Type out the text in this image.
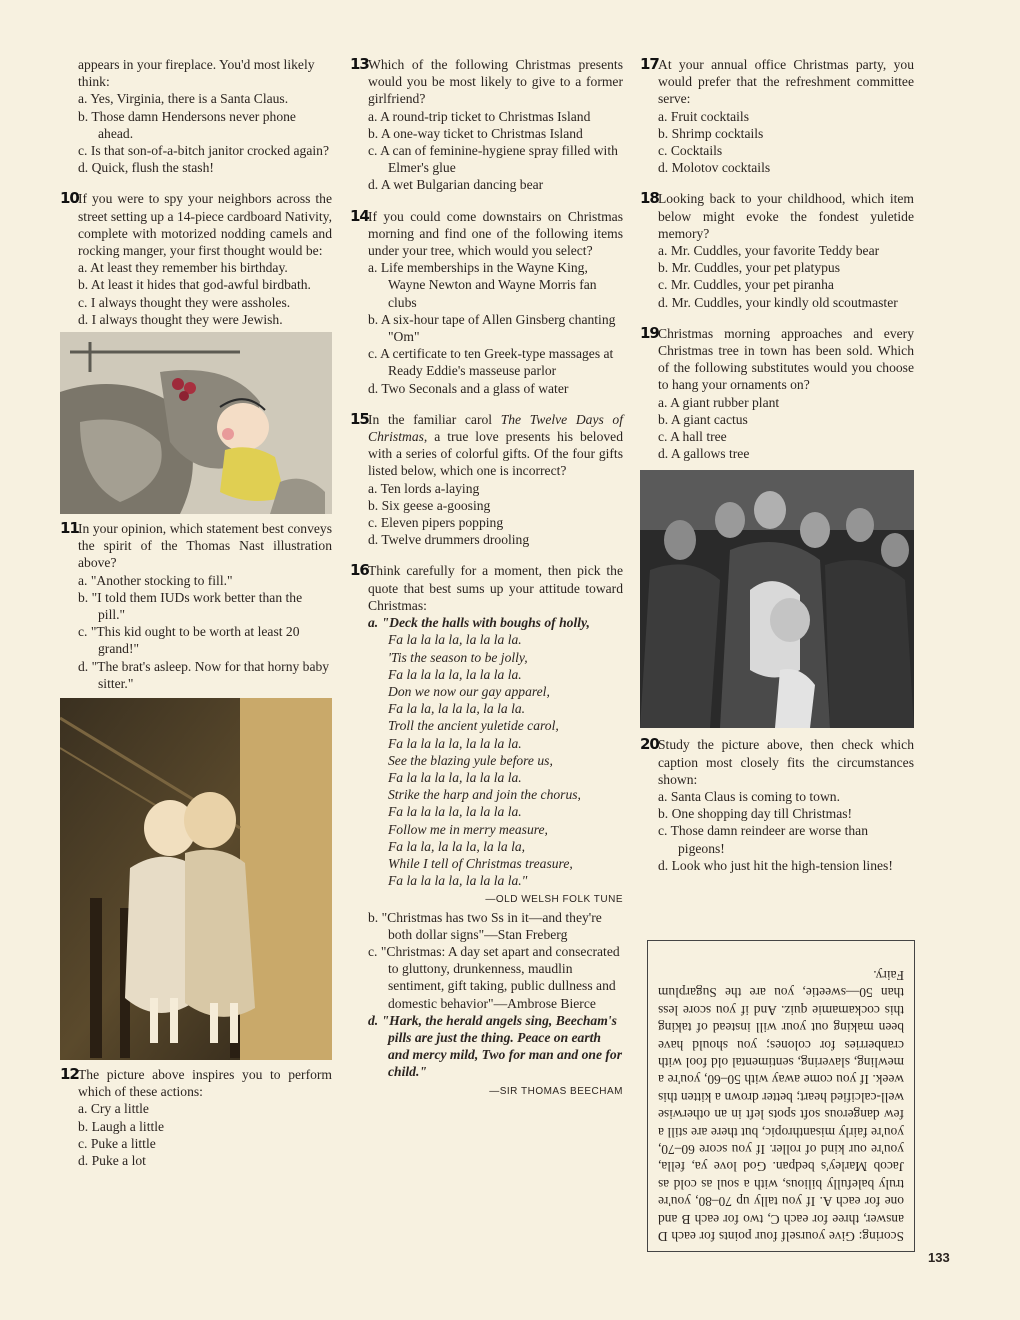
appears in your fireplace. You'd most likely think:
a. Yes, Virginia, there is a Santa Claus.
b. Those damn Hendersons never phone ahead.
c. Is that son-of-a-bitch janitor crocked again?
d. Quick, flush the stash!
10 If you were to spy your neighbors across the street setting up a 14-piece cardboard Nativity, complete with motorized nodding camels and rocking manger, your first thought would be:
a. At least they remember his birthday.
b. At least it hides that god-awful birdbath.
c. I always thought they were assholes.
d. I always thought they were Jewish.
11 In your opinion, which statement best conveys the spirit of the Thomas Nast illustration above?
a. "Another stocking to fill."
b. "I told them IUDs work better than the pill."
c. "This kid ought to be worth at least 20 grand!"
d. "The brat's asleep. Now for that horny baby sitter."
12 The picture above inspires you to perform which of these actions:
a. Cry a little
b. Laugh a little
c. Puke a little
d. Puke a lot
13 Which of the following Christmas presents would you be most likely to give to a former girlfriend?
a. A round-trip ticket to Christmas Island
b. A one-way ticket to Christmas Island
c. A can of feminine-hygiene spray filled with Elmer's glue
d. A wet Bulgarian dancing bear
14 If you could come downstairs on Christmas morning and find one of the following items under your tree, which would you select?
a. Life memberships in the Wayne King, Wayne Newton and Wayne Morris fan clubs
b. A six-hour tape of Allen Ginsberg chanting "Om"
c. A certificate to ten Greek-type massages at Ready Eddie's masseuse parlor
d. Two Seconals and a glass of water
15 In the familiar carol The Twelve Days of Christmas, a true love presents his beloved with a series of colorful gifts. Of the four gifts listed below, which one is incorrect?
a. Ten lords a-laying
b. Six geese a-goosing
c. Eleven pipers popping
d. Twelve drummers drooling
16 Think carefully for a moment, then pick the quote that best sums up your attitude toward Christmas:
a. "Deck the halls with boughs of holly,
Fa la la la la, la la la la.
'Tis the season to be jolly,
Fa la la la la, la la la la.
Don we now our gay apparel,
Fa la la, la la la, la la la.
Troll the ancient yuletide carol,
Fa la la la la, la la la la.
See the blazing yule before us,
Fa la la la la, la la la la.
Strike the harp and join the chorus,
Fa la la la la, la la la la.
Follow me in merry measure,
Fa la la, la la la, la la la,
While I tell of Christmas treasure,
Fa la la la la, la la la la."
—OLD WELSH FOLK TUNE
b. "Christmas has two Ss in it—and they're both dollar signs"—Stan Freberg
c. "Christmas: A day set apart and consecrated to gluttony, drunkenness, maudlin sentiment, gift taking, public dullness and domestic behavior"—Ambrose Bierce
d. "Hark, the herald angels sing, Beecham's pills are just the thing. Peace on earth and mercy mild, Two for man and one for child."
—SIR THOMAS BEECHAM
17 At your annual office Christmas party, you would prefer that the refreshment committee serve:
a. Fruit cocktails
b. Shrimp cocktails
c. Cocktails
d. Molotov cocktails
18 Looking back to your childhood, which item below might evoke the fondest yuletide memory?
a. Mr. Cuddles, your favorite Teddy bear
b. Mr. Cuddles, your pet platypus
c. Mr. Cuddles, your pet piranha
d. Mr. Cuddles, your kindly old scoutmaster
19 Christmas morning approaches and every Christmas tree in town has been sold. Which of the following substitutes would you choose to hang your ornaments on?
a. A giant rubber plant
b. A giant cactus
c. A hall tree
d. A gallows tree
20 Study the picture above, then check which caption most closely fits the circumstances shown:
a. Santa Claus is coming to town.
b. One shopping day till Christmas!
c. Those damn reindeer are worse than pigeons!
d. Look who just hit the high-tension lines!
Scoring: Give yourself four points for each D answer, three for each C, two for each B and one for each A. If you tally up 70–80, you're truly balefully bilious, with a soul as cold as Jacob Marley's bedpan. God love ya, fella, you're our kind of roller. If you score 60–70, you're fairly misanthropic, but there are still a few dangerous soft spots left in an otherwise well-calcified heart; better drown a kitten this week. If you come away with 50–60, you're a mewling, slavering, sentimental old fool with cranberries for colones; you should have been making out your will instead of taking this cockamamie quiz. And if you score less than 50—sweetie, you are the Sugarplum Fairy.
133
